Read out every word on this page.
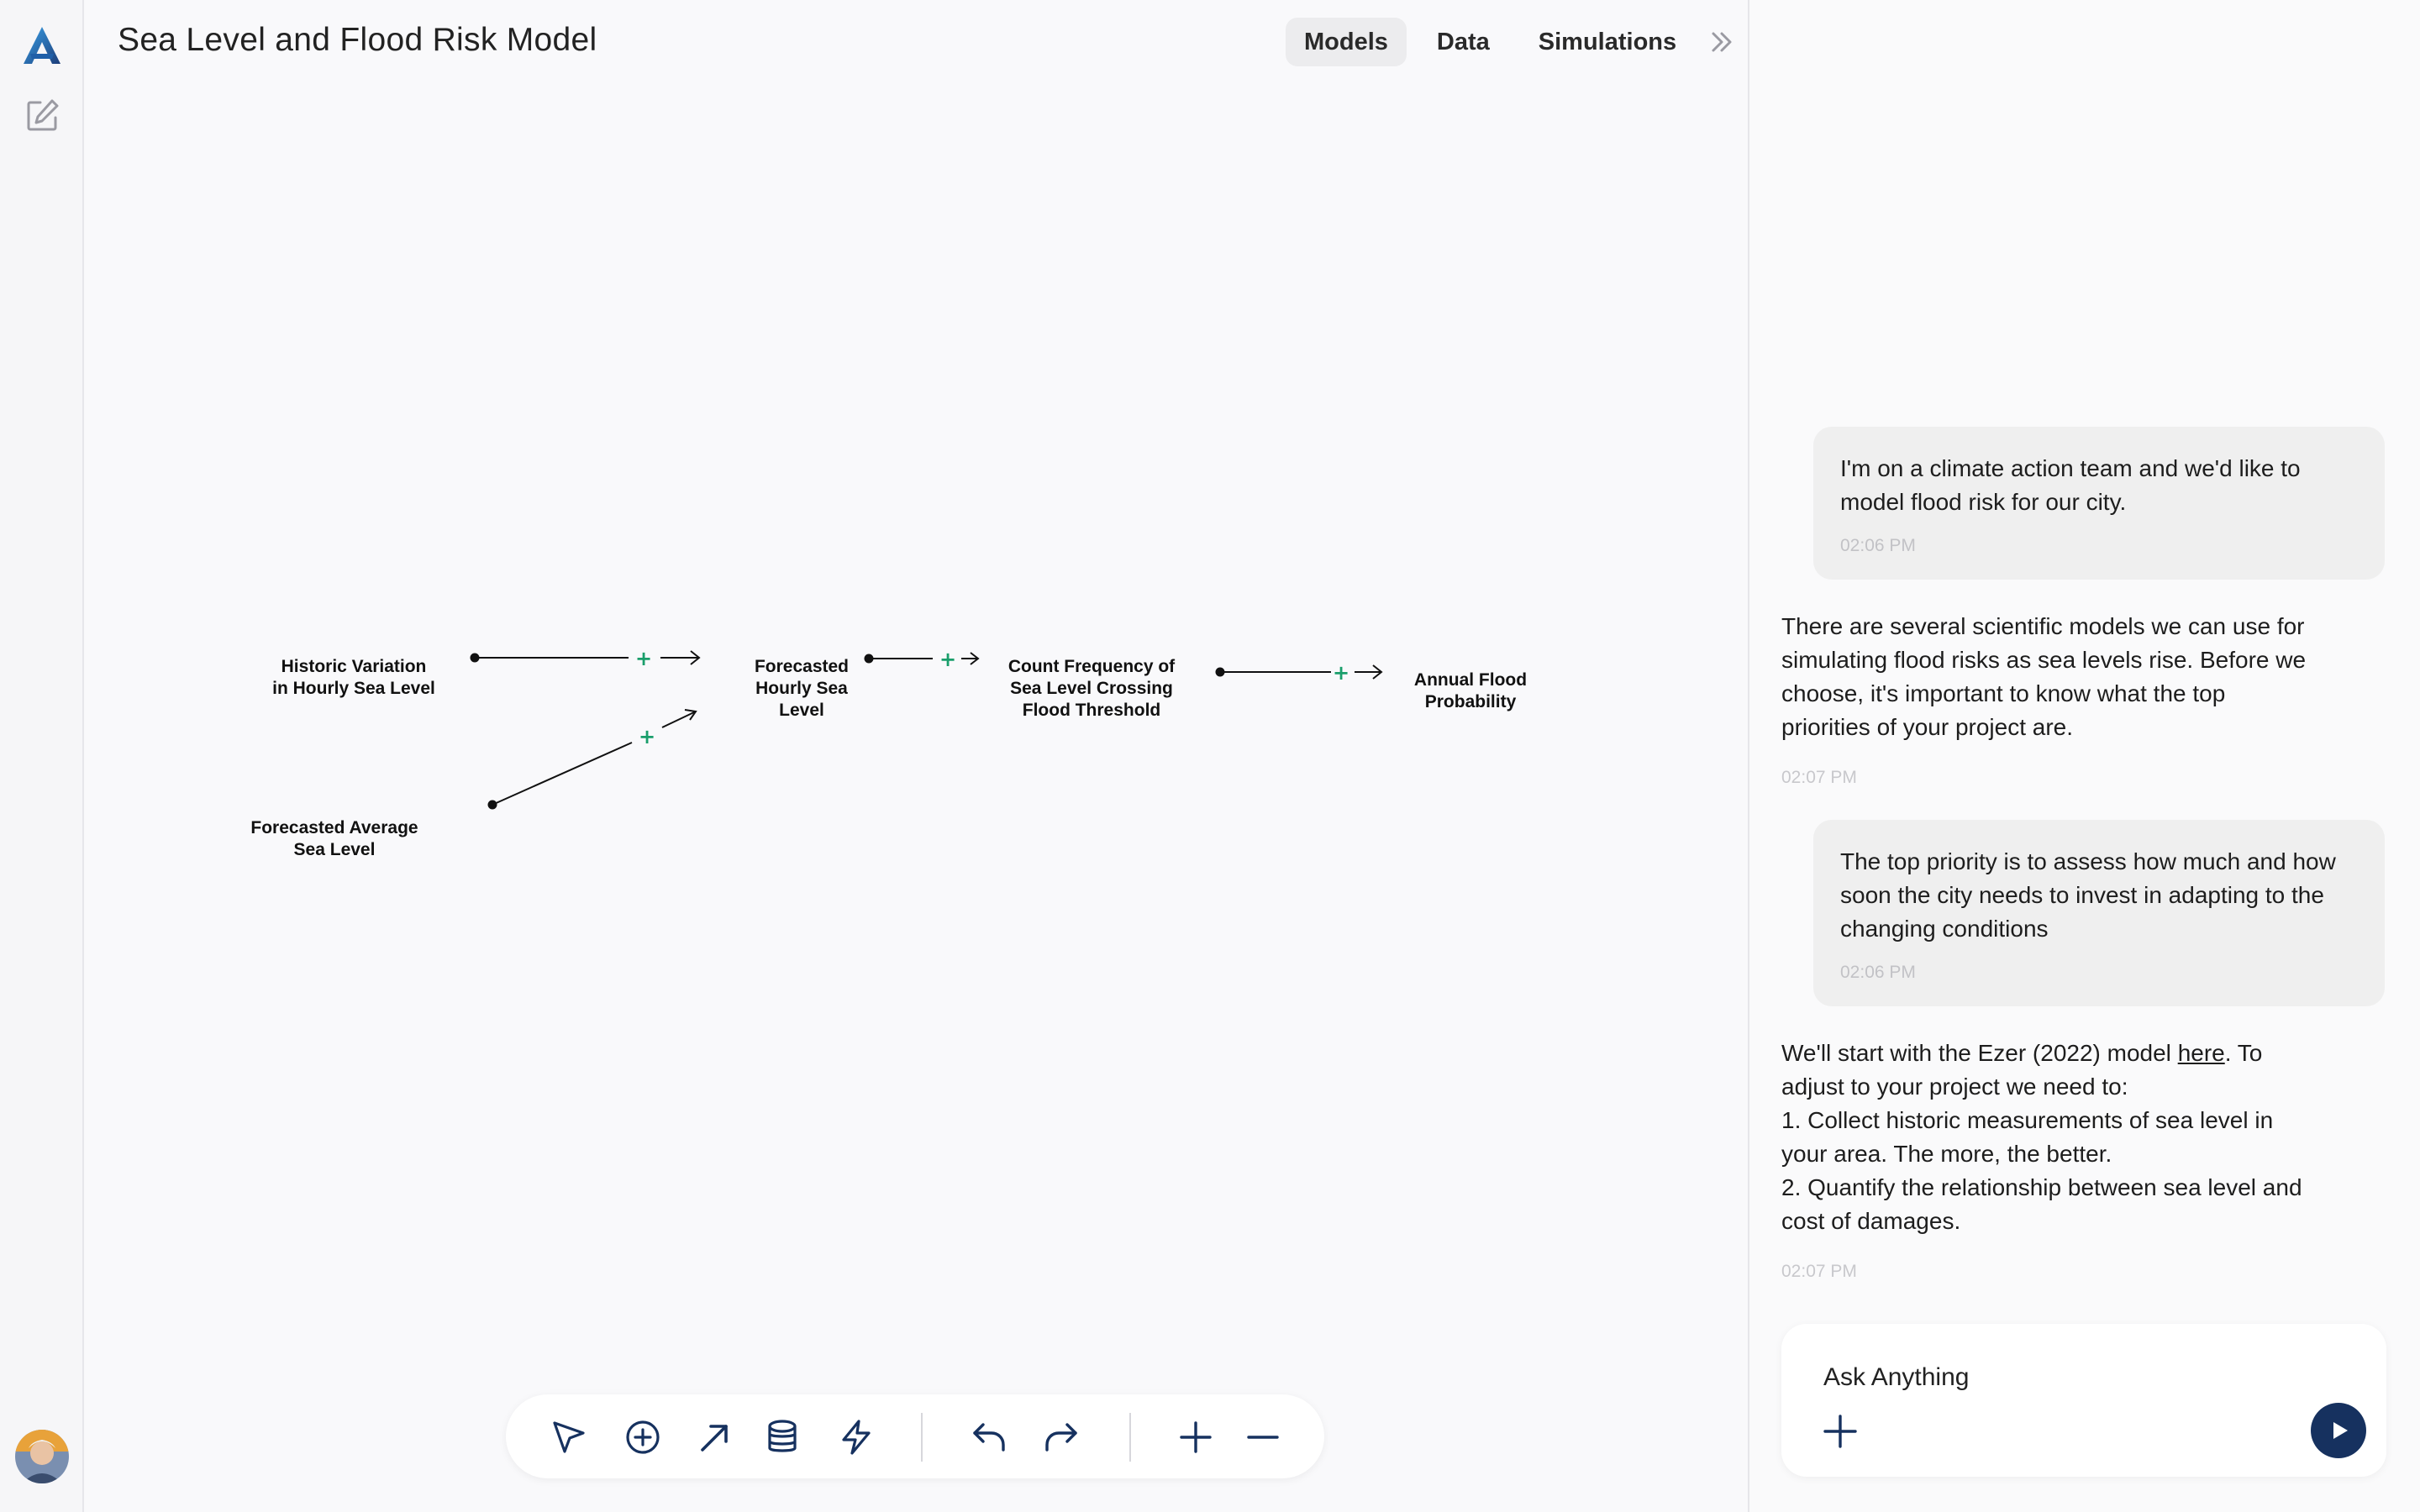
Sea Level and Flood Risk Model	Models	Data	Simulations

Historic Variation
in Hourly Sea Level

Forecasted Average
Sea Level

Forecasted
Hourly Sea
Level

Count Frequency of
Sea Level Crossing
Flood Threshold

Annual Flood
Probability

+
+
+
+
I'm on a climate action team and we'd like to model flood risk for our city.
02:06 PM
There are several scientific models we can use for simulating flood risks as sea levels rise. Before we choose, it's important to know what the top priorities of your project are.
02:07 PM
The top priority is to assess how much and how soon the city needs to invest in adapting to the changing conditions
02:06 PM
We'll start with the Ezer (2022) model here. To adjust to your project we need to:
1. Collect historic measurements of sea level in your area. The more, the better.
2. Quantify the relationship between sea level and cost of damages.
02:07 PM
Ask Anything
